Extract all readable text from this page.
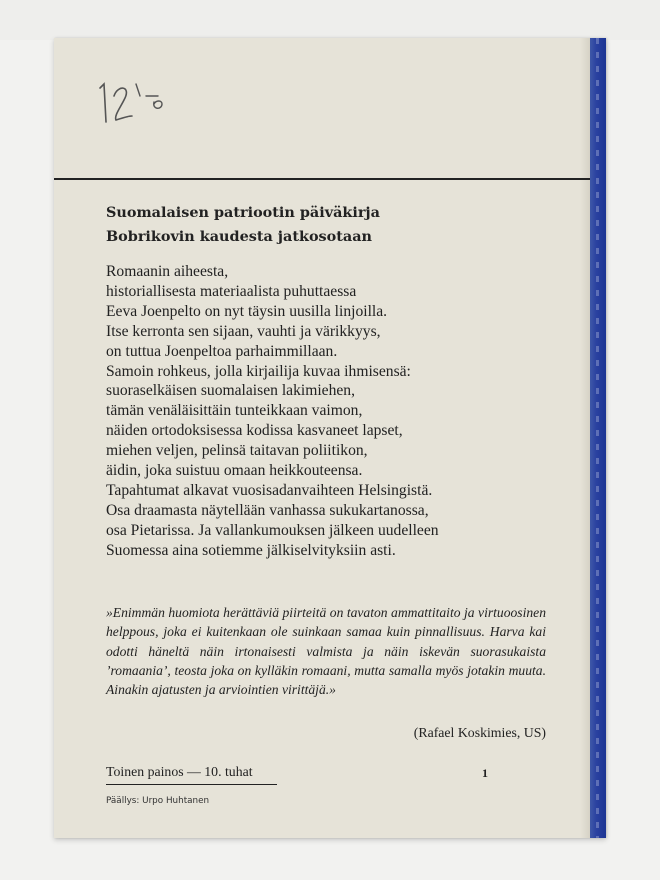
Suomalaisen patriootin päiväkirja
Bobrikovin kaudesta jatkosotaan
Romaanin aiheesta,
historiallisesta materiaalista puhuttaessa
Eeva Joenpelto on nyt täysin uusilla linjoilla.
Itse kerronta sen sijaan, vauhti ja värikkyys,
on tuttua Joenpeltoa parhaimmillaan.
Samoin rohkeus, jolla kirjailija kuvaa ihmisensä:
suoraselkäisen suomalaisen lakimiehen,
tämän venäläisittäin tunteikkaan vaimon,
näiden ortodoksisessa kodissa kasvaneet lapset,
miehen veljen, pelinsä taitavan poliitikon,
äidin, joka suistuu omaan heikkouteensa.
Tapahtumat alkavat vuosisadanvaihteen Helsingistä.
Osa draamasta näytellään vanhassa sukukartanossa,
osa Pietarissa. Ja vallankumouksen jälkeen uudelleen
Suomessa aina sotiemme jälkiselvityksiin asti.

»Enimmän huomiota herättäviä piirteitä on tavaton ammattitaito ja virtuoosinen helppous, joka ei kuitenkaan ole suinkaan samaa kuin pinnallisuus. Harva kai odotti häneltä näin irtonaisesti valmista ja näin iskevän suorasukaista ’romaania’, teosta joka on kylläkin romaani, mutta samalla myös jotakin muuta. Ainakin ajatusten ja arviointien virittäjä.»

(Rafael Koskimies, US)
Toinen painos — 10. tuhat	1
Päällys: Urpo Huhtanen
